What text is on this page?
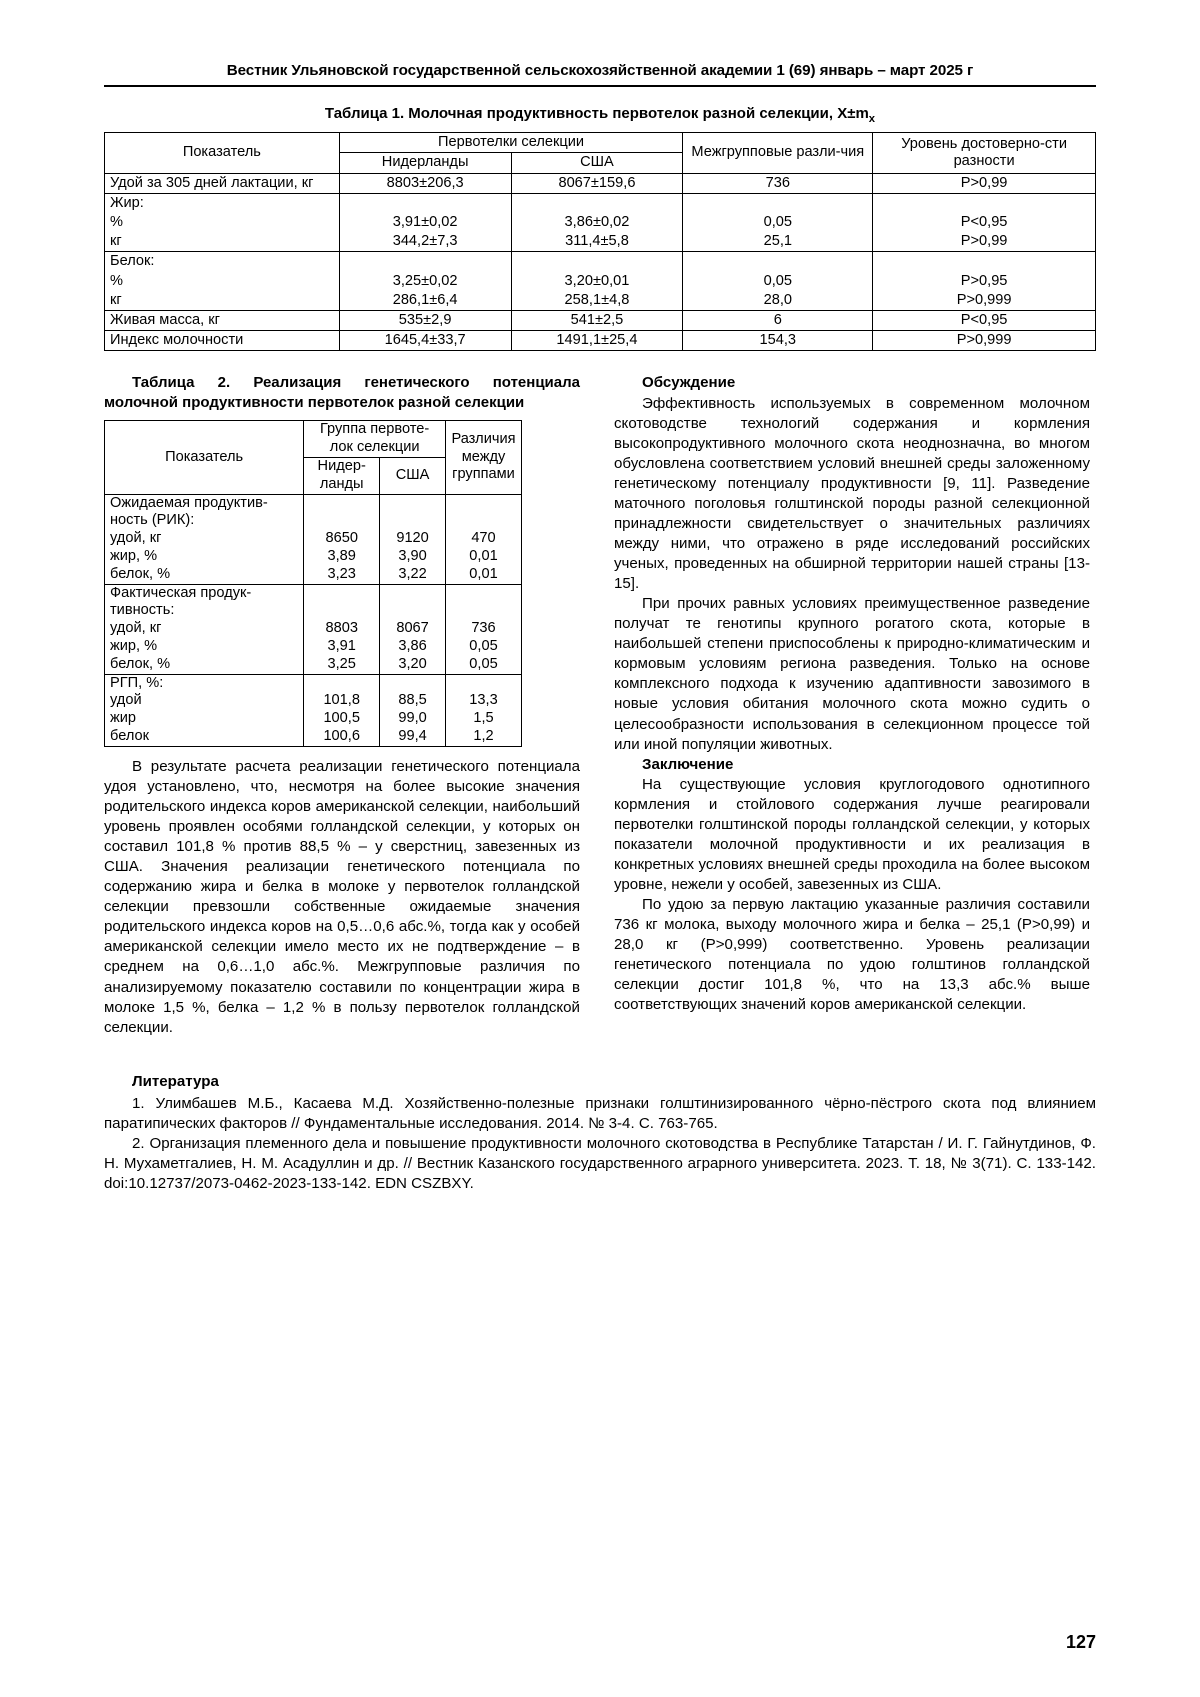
Вестник Ульяновской государственной сельскохозяйственной академии 1 (69) январь – март 2025 г
Таблица 1. Молочная продуктивность первотелок разной селекции, $X\pm m_x$
Показатель	Первотелки селекции		Межгрупповые разли-чия	Уровень достоверно-сти разности
	Нидерланды	США		
Удой за 305 дней лактации, кг	8803±206,3	8067±159,6	736	P>0,99
Жир:				
%	3,91±0,02	3,86±0,02	0,05	P<0,95
кг	344,2±7,3	311,4±5,8	25,1	P>0,99
Белок:				
%	3,25±0,02	3,20±0,01	0,05	P>0,95
кг	286,1±6,4	258,1±4,8	28,0	P>0,999
Живая масса, кг	535±2,9	541±2,5	6	P<0,95
Индекс молочности	1645,4±33,7	1491,1±25,4	154,3	P>0,999
Таблица 2. Реализация генетического потенциала молочной продуктивности первотелок разной селекции
Показатель	Группа первоте-лок селекции		Различия между группами
	Нидер-ланды	США	
Ожидаемая продуктив-ность (РИК):			
удой, кг	8650	9120	470
жир, %	3,89	3,90	0,01
белок, %	3,23	3,22	0,01
Фактическая продук-тивность:			
удой, кг	8803	8067	736
жир, %	3,91	3,86	0,05
белок, %	3,25	3,20	0,05
РГП, %:			
удой	101,8	88,5	13,3
жир	100,5	99,0	1,5
белок	100,6	99,4	1,2

В результате расчета реализации генетического потенциала удоя установлено, что, несмотря на более высокие значения родительского индекса коров американской селекции, наибольший уровень проявлен особями голландской селекции, у которых он составил 101,8 % против 88,5 % – у сверстниц, завезенных из США. Значения реализации генетического потенциала по содержанию жира и белка в молоке у первотелок голландской селекции превзошли собственные ожидаемые значения родительского индекса коров на 0,5…0,6 абс.%, тогда как у особей американской селекции имело место их не подтверждение – в среднем на 0,6…1,0 абс.%. Межгрупповые различия по анализируемому показателю составили по концентрации жира в молоке 1,5 %, белка – 1,2 % в пользу первотелок голландской селекции.

Обсуждение

Эффективность используемых в современном молочном скотоводстве технологий содержания и кормления высокопродуктивного молочного скота неоднозначна, во многом обусловлена соответствием условий внешней среды заложенному генетическому потенциалу продуктивности [9, 11]. Разведение маточного поголовья голштинской породы разной селекционной принадлежности свидетельствует о значительных различиях между ними, что отражено в ряде исследований российских ученых, проведенных на обширной территории нашей страны [13-15].

При прочих равных условиях преимущественное разведение получат те генотипы крупного рогатого скота, которые в наибольшей степени приспособлены к природно-климатическим и кормовым условиям региона разведения. Только на основе комплексного подхода к изучению адаптивности завозимого в новые условия обитания молочного скота можно судить о целесообразности использования в селекционном процессе той или иной популяции животных.

Заключение

На существующие условия круглогодового однотипного кормления и стойлового содержания лучше реагировали первотелки голштинской породы голландской селекции, у которых показатели молочной продуктивности и их реализация в конкретных условиях внешней среды проходила на более высоком уровне, нежели у особей, завезенных из США.

По удою за первую лактацию указанные различия составили 736 кг молока, выходу молочного жира и белка – 25,1 (Р>0,99) и 28,0 кг (Р>0,999) соответственно. Уровень реализации генетического потенциала по удою голштинов голландской селекции достиг 101,8 %, что на 13,3 абс.% выше соответствующих значений коров американской селекции.

Литература

1. Улимбашев М.Б., Касаева М.Д. Хозяйственно-полезные признаки голштинизированного чёрно-пёстрого скота под влиянием паратипических факторов // Фундаментальные исследования. 2014. № 3-4. С. 763-765.

2. Организация племенного дела и повышение продуктивности молочного скотоводства в Республике Татарстан / И. Г. Гайнутдинов, Ф. Н. Мухаметгалиев, Н. М. Асадуллин и др. // Вестник Казанского государственного аграрного университета. 2023. Т. 18, № 3(71). С. 133-142. doi:10.12737/2073-0462-2023-133-142. EDN CSZBXY.

127
